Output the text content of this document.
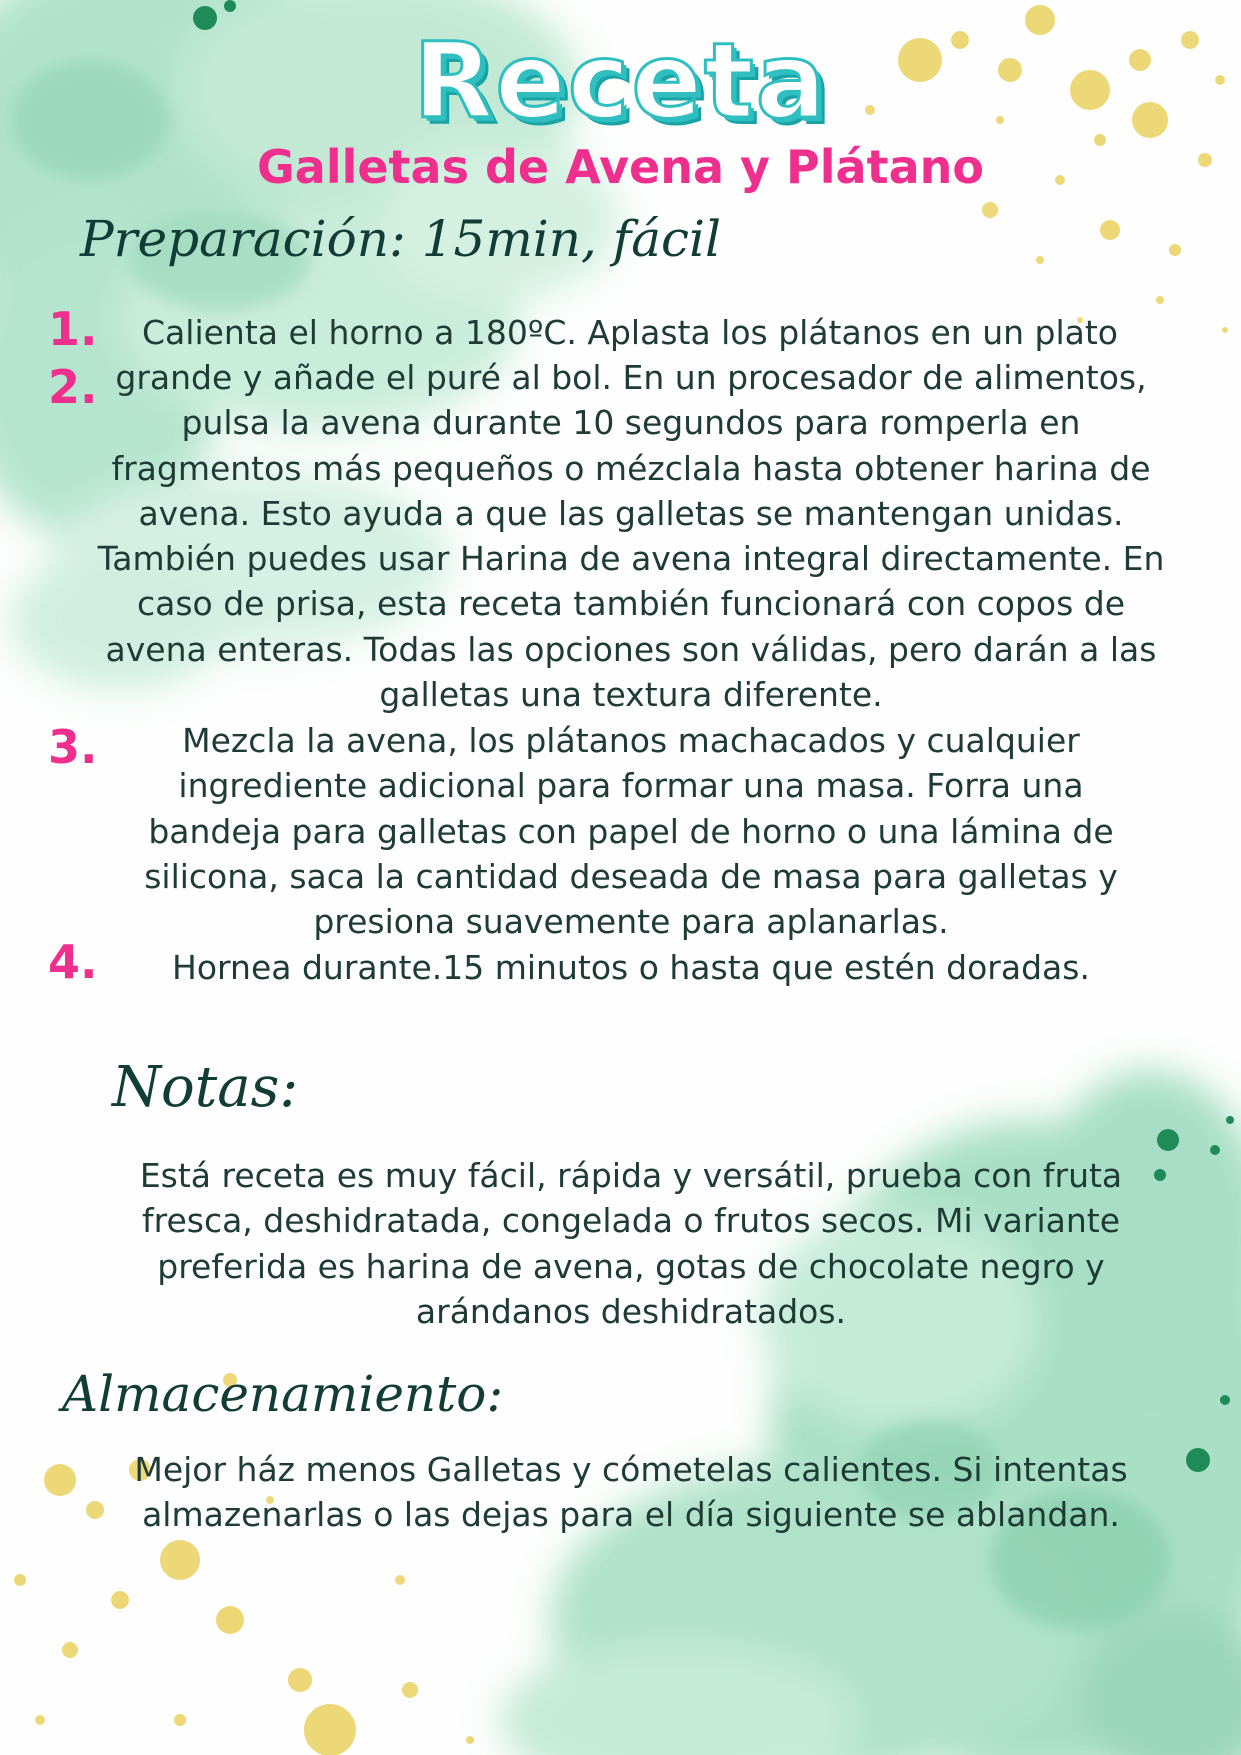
Receta
Galletas de Avena y Plátano
Preparación: 15min, fácil
1.	Calienta el horno a 180ºC. Aplasta los plátanos en un plato
2. grande y añade el puré al bol. En un procesador de alimentos, pulsa la avena durante 10 segundos para romperla en fragmentos más pequeños o mézclala hasta obtener harina de avena. Esto ayuda a que las galletas se mantengan unidas. También puedes usar Harina de avena integral directamente. En caso de prisa, esta receta también funcionará con copos de avena enteras. Todas las opciones son válidas, pero darán a las galletas una textura diferente.
3.	Mezcla la avena, los plátanos machacados y cualquier ingrediente adicional para formar una masa. Forra una bandeja para galletas con papel de horno o una lámina de silicona, saca la cantidad deseada de masa para galletas y presiona suavemente para aplanarlas.
4.	Hornea durante.15 minutos o hasta que estén doradas.
Notas:
Está receta es muy fácil, rápida y versátil, prueba con fruta fresca, deshidratada, congelada o frutos secos. Mi variante preferida es harina de avena, gotas de chocolate negro y arándanos deshidratados.
Almacenamiento:
Mejor ház menos Galletas y cómetelas calientes. Si intentas almazenarlas o las dejas para el día siguiente se ablandan.
